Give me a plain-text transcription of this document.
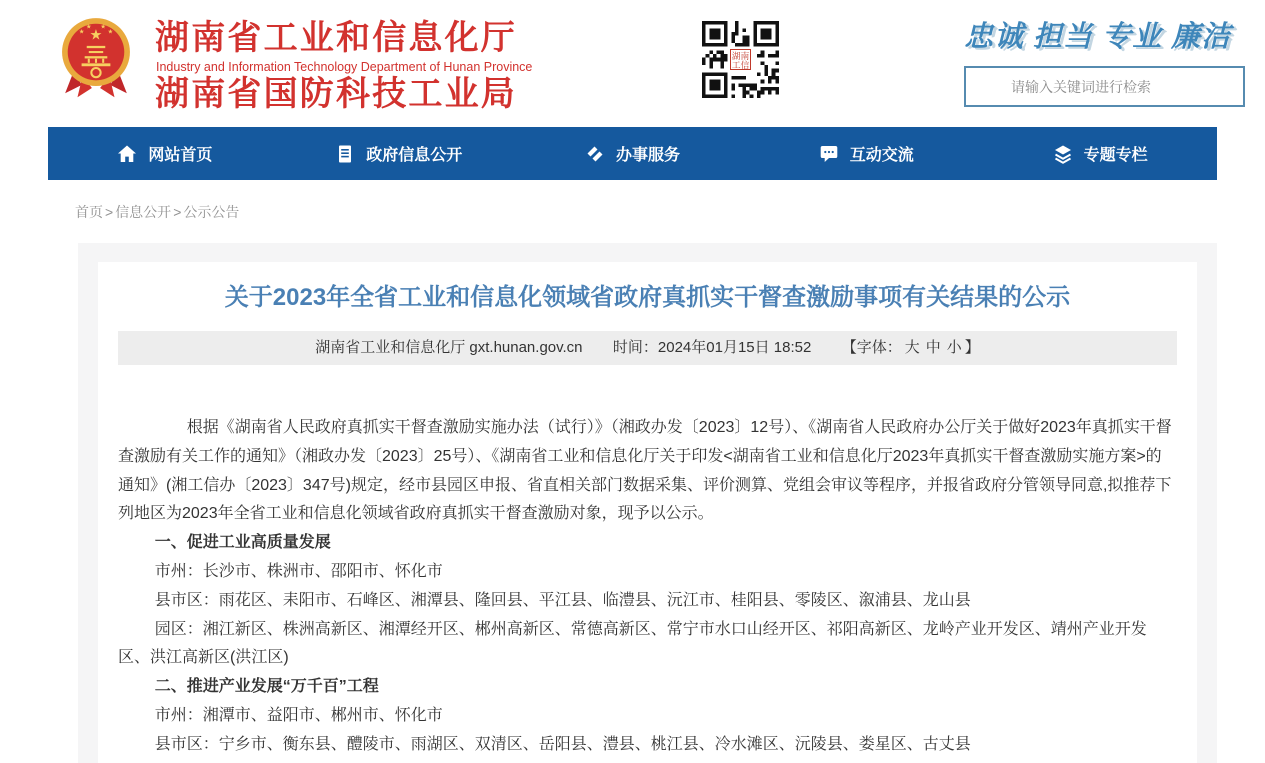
★
★
★ ★
★ 湖南省工业和信息化厅
Industry and Information Technology Department of Hunan Province
湖南省国防科技工业局
湖南
工信
忠诚 担当 专业 廉洁
请输入关键词进行检索
网站首页	政府信息公开	办事服务	互动交流	专题专栏
首页 > 信息公开 > 公示公告
关于2023年全省工业和信息化领域省政府真抓实干督查激励事项有关结果的公示
湖南省工业和信息化厅 gxt.hunan.gov.cn 时间：2024年01月15日 18:52 【字体： 大 中 小 】

根据《湖南省人民政府真抓实干督查激励实施办法（试行）》（湘政办发〔2023〕12号）、《湖南省人民政府办公厅关于做好2023年真抓实干督查激励有关工作的通知》（湘政办发〔2023〕25号）、《湖南省工业和信息化厅关于印发<湖南省工业和信息化厅2023年真抓实干督查激励实施方案>的通知》(湘工信办〔2023〕347号)规定，经市县园区申报、省直相关部门数据采集、评价测算、党组会审议等程序，并报省政府分管领导同意,拟推荐下列地区为2023年全省工业和信息化领域省政府真抓实干督查激励对象，现予以公示。

一、促进工业高质量发展

市州：长沙市、株洲市、邵阳市、怀化市

县市区：雨花区、耒阳市、石峰区、湘潭县、隆回县、平江县、临澧县、沅江市、桂阳县、零陵区、溆浦县、龙山县

园区：湘江新区、株洲高新区、湘潭经开区、郴州高新区、常德高新区、常宁市水口山经开区、祁阳高新区、龙岭产业开发区、靖州产业开发区、洪江高新区(洪江区)

二、推进产业发展“万千百”工程

市州：湘潭市、益阳市、郴州市、怀化市

县市区：宁乡市、衡东县、醴陵市、雨湖区、双清区、岳阳县、澧县、桃江县、冷水滩区、沅陵县、娄星区、古丈县
